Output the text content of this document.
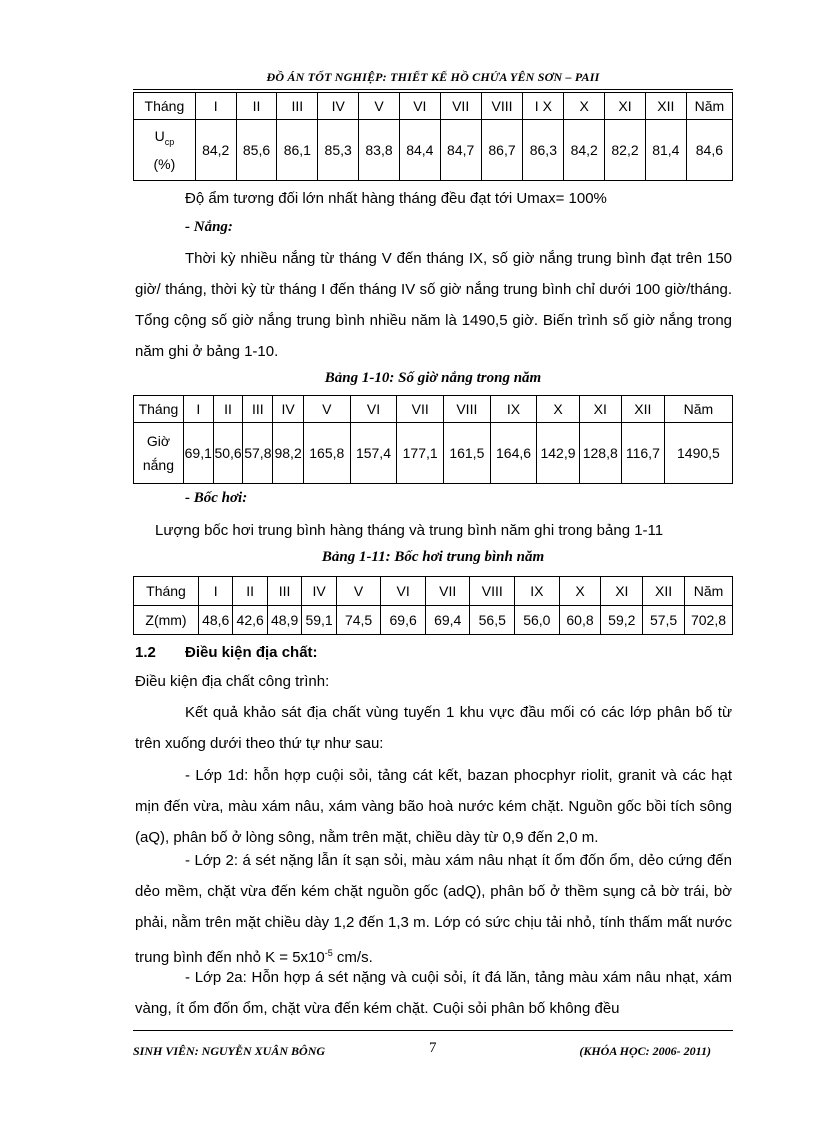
ĐỒ ÁN TỐT NGHIỆP: THIẾT KẾ HỒ CHỨA YÊN SƠN – PAII
Tháng	I	II	III	IV	V	VI	VII	VIII	I X	X	XI	XII	Năm
$U_{cp}$
(%)	84,2	85,6	86,1	85,3	83,8	84,4	84,7	86,7	86,3	84,2	82,2	81,4	84,6
Độ ẩm tương đối lớn nhất hàng tháng đều đạt tới Umax= 100%
- Nắng:
Thời kỳ nhiều nắng từ tháng V đến tháng IX, số giờ nắng trung bình đạt trên 150 giờ/ tháng, thời kỳ từ tháng I đến tháng IV số giờ nắng trung bình chỉ dưới 100 giờ/tháng. Tổng cộng số giờ nắng trung bình nhiều năm là 1490,5 giờ. Biến trình số giờ nắng trong năm ghi ở bảng 1-10.
Bảng 1-10: Số giờ nắng trong năm
Tháng	I	II	III	IV	V	VI	VII	VIII	IX	X	XI	XII	Năm
Giờ
nắng	69,1	50,6	57,8	98,2	165,8	157,4	177,1	161,5	164,6	142,9	128,8	116,7	1490,5
- Bốc hơi:
Lượng bốc hơi trung bình hàng tháng và trung bình năm ghi trong bảng 1-11
Bảng 1-11: Bốc hơi trung bình năm
Tháng	I	II	III	IV	V	VI	VII	VIII	IX	X	XI	XII	Năm
Z(mm)	48,6	42,6	48,9	59,1	74,5	69,6	69,4	56,5	56,0	60,8	59,2	57,5	702,8
1.2 Điều kiện địa chất:
Điều kiện địa chất công trình:
Kết quả khảo sát địa chất vùng tuyến 1 khu vực đầu mối có các lớp phân bố từ trên xuống dưới theo thứ tự như sau:
- Lớp 1d: hỗn hợp cuội sỏi, tảng cát kết, bazan phocphyr riolit, granit và các hạt mịn đến vừa, màu xám nâu, xám vàng bão hoà nước kém chặt. Nguồn gốc bồi tích sông (aQ), phân bố ở lòng sông, nằm trên mặt, chiều dày từ 0,9 đến 2,0 m.
- Lớp 2: á sét nặng lẫn ít sạn sỏi, màu xám nâu nhạt ít ổm đốn ổm, dẻo cứng đến dẻo mềm, chặt vừa đến kém chặt nguồn gốc (adQ), phân bố ở thềm sụng cả bờ trái, bờ phải, nằm trên mặt chiều dày 1,2 đến 1,3 m. Lớp có sức chịu tải nhỏ, tính thấm mất nước trung bình đến nhỏ $K = 5x10^{-5}$ cm/s.
- Lớp 2a: Hỗn hợp á sét nặng và cuội sỏi, ít đá lăn, tảng màu xám nâu nhạt, xám vàng, ít ổm đốn ổm, chặt vừa đến kém chặt. Cuội sỏi phân bố không đều
SINH VIÊN: NGUYỄN XUÂN BÔNG	7	(KHÓA HỌC: 2006- 2011)
